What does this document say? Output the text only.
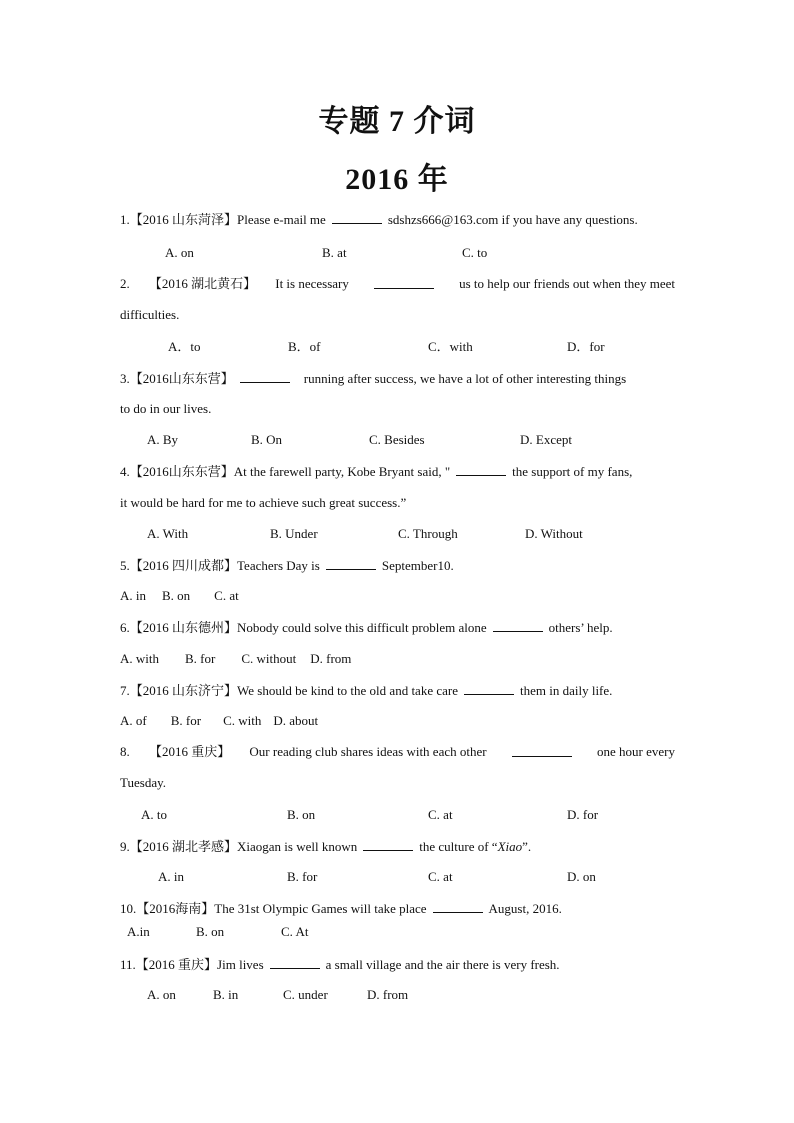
专题 7 介词
2016 年
1.【2016 山东菏泽】Please e-mail me	sdshzs666@163.com if you have any questions.
A. on	B. at	C. to
2. 【2016 湖北黄石】 It is necessary	us to help our friends out when they meet
difficulties.
A．to	B．of	C．with	D．for
3.【2016山东东营】	running after success, we have a lot of other interesting things
to do in our lives.
A. By	B. On	C. Besides	D. Except
4.【2016山东东营】At the farewell party, Kobe Bryant said, "	the support of my fans,
it would be hard for me to achieve such great success.”
A. With	B. Under	C. Through	D. Without
5.【2016 四川成都】Teachers Day is	September10.
A. in B. on C. at
6.【2016 山东德州】Nobody could solve this difficult problem alone	others’ help.
A. with B. for C. without D. from
7.【2016 山东济宁】We should be kind to the old and take care	them in daily life.
A. of B. for C. with D. about
8. 【2016 重庆】 Our reading club shares ideas with each other	one hour every
Tuesday.
A. to	B. on	C. at	D. for
9.【2016 湖北孝感】Xiaogan is well known	the culture of “Xiao”.
A. in	B. for	C. at	D. on
10.【2016海南】The 31st Olympic Games will take place	August, 2016.
A.in	B. on	C. At
11.【2016 重庆】Jim lives	a small village and the air there is very fresh.
A. on	B. in	C. under	D. from
